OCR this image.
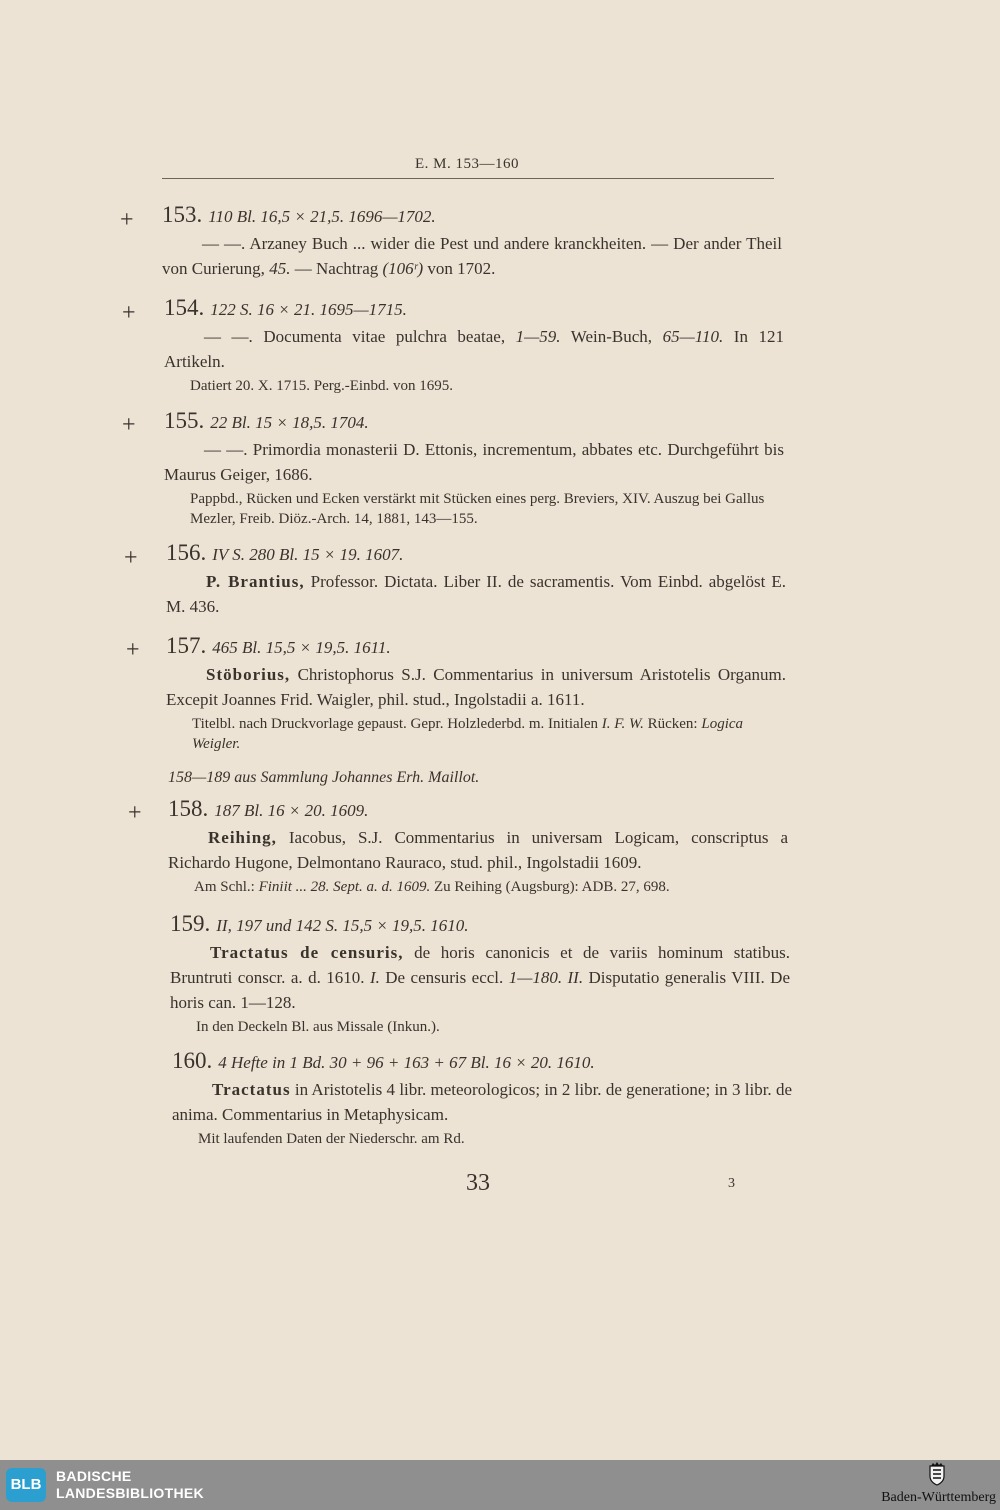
E. M. 153—160
+ 153. 110 Bl. 16,5 × 21,5. 1696—1702.
— —. Arzaney Buch ... wider die Pest und andere kranckheiten. — Der ander Theil von Curierung, 45. — Nachtrag (106ʳ) von 1702.
+ 154. 122 S. 16 × 21. 1695—1715.
— —. Documenta vitae pulchra beatae, 1—59. Wein-Buch, 65—110. In 121 Artikeln.
Datiert 20. X. 1715. Perg.-Einbd. von 1695.
+ 155. 22 Bl. 15 × 18,5. 1704.
— —. Primordia monasterii D. Ettonis, incrementum, abbates etc. Durchgeführt bis Maurus Geiger, 1686.
Pappbd., Rücken und Ecken verstärkt mit Stücken eines perg. Breviers, XIV. Auszug bei Gallus Mezler, Freib. Diöz.-Arch. 14, 1881, 143—155.
+ 156. IV S. 280 Bl. 15 × 19. 1607.
P. Brantius, Professor. Dictata. Liber II. de sacramentis. Vom Einbd. abgelöst E. M. 436.
+ 157. 465 Bl. 15,5 × 19,5. 1611.
Stöborius, Christophorus S.J. Commentarius in universum Aristotelis Organum. Excepit Joannes Frid. Waigler, phil. stud., Ingolstadii a. 1611.
Titelbl. nach Druckvorlage gepaust. Gepr. Holzlederbd. m. Initialen I. F. W. Rücken: Logica Weigler.
158—189 aus Sammlung Johannes Erh. Maillot.
+ 158. 187 Bl. 16 × 20. 1609.
Reihing, Iacobus, S.J. Commentarius in universam Logicam, conscriptus a Richardo Hugone, Delmontano Rauraco, stud. phil., Ingolstadii 1609.
Am Schl.: Finiit ... 28. Sept. a. d. 1609. Zu Reihing (Augsburg): ADB. 27, 698.
159. II, 197 und 142 S. 15,5 × 19,5. 1610.
Tractatus de censuris, de horis canonicis et de variis hominum statibus. Bruntruti conscr. a. d. 1610. I. De censuris eccl. 1—180. II. Disputatio generalis VIII. De horis can. 1—128.
In den Deckeln Bl. aus Missale (Inkun.).
160. 4 Hefte in 1 Bd. 30 + 96 + 163 + 67 Bl. 16 × 20. 1610.
Tractatus in Aristotelis 4 libr. meteorologicos; in 2 libr. de generatione; in 3 libr. de anima. Commentarius in Metaphysicam.
Mit laufenden Daten der Niederschr. am Rd.
33	3
BLB	BADISCHE
LANDESBIBLIOTHEK	Baden-Württemberg
